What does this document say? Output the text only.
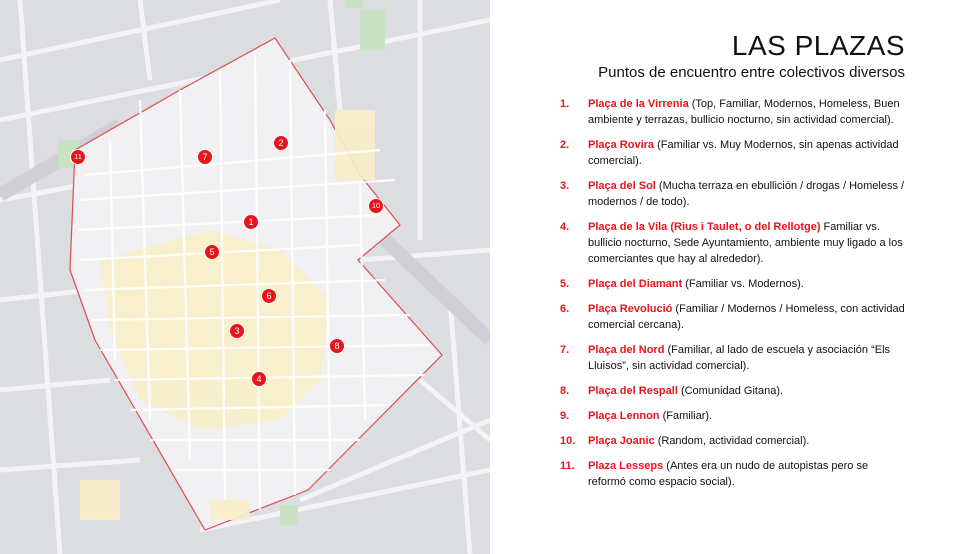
1
2
3
4
5
6
7
8
10
11
LAS PLAZAS
Puntos de encuentro entre colectivos diversos
1. Plaça de la Virrenia (Top, Familiar, Modernos, Homeless, Buen ambiente y terrazas, bullicio nocturno, sin actividad comercial).
2. Plaça Rovira (Familiar vs. Muy Modernos, sin apenas actividad comercial).
3. Plaça del Sol (Mucha terraza en ebullición / drogas / Homeless / modernos / de todo).
4. Plaça de la Vila (Rius i Taulet, o del Rellotge) Familiar vs. bullicio nocturno, Sede Ayuntamiento, ambiente muy ligado a los comerciantes que hay al alrededor).
5. Plaça del Diamant (Familiar vs. Modernos).
6. Plaça Revolució (Familiar / Modernos / Homeless, con actividad comercial cercana).
7. Plaça del Nord (Familiar, al lado de escuela y asociación “Els Lluisos”, sin actividad comercial).
8. Plaça del Respall (Comunidad Gitana).
9. Plaça Lennon (Familiar).
10. Plaça Joanic (Random, actividad comercial).
11. Plaza Lesseps (Antes era un nudo de autopistas pero se reformó como espacio social).
